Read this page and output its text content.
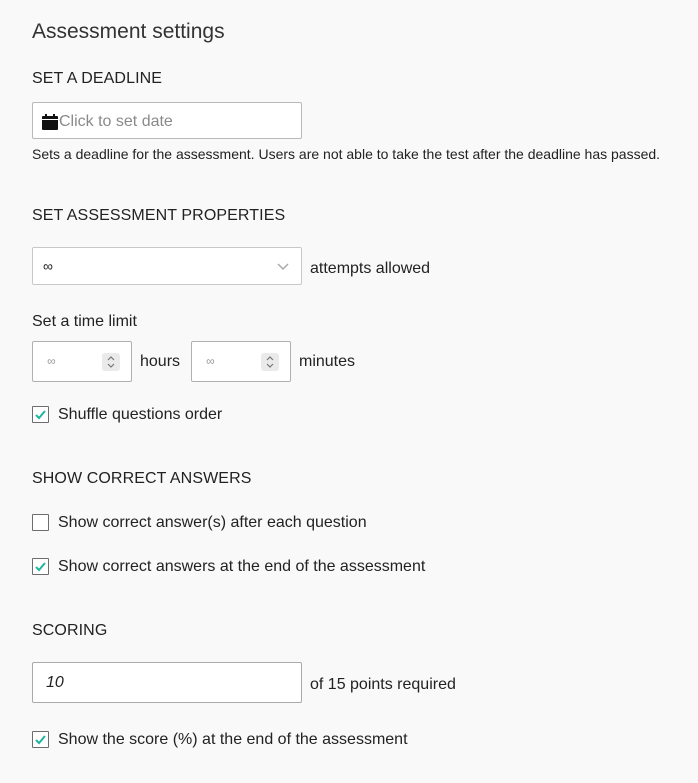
Assessment settings
SET A DEADLINE
Click to set date
Sets a deadline for the assessment. Users are not able to take the test after the deadline has passed.
SET ASSESSMENT PROPERTIES
∞	attempts allowed
Set a time limit
∞	hours ∞	minutes
Shuffle questions order
SHOW CORRECT ANSWERS
Show correct answer(s) after each question
Show correct answers at the end of the assessment
SCORING
10	of 15 points required
Show the score (%) at the end of the assessment
